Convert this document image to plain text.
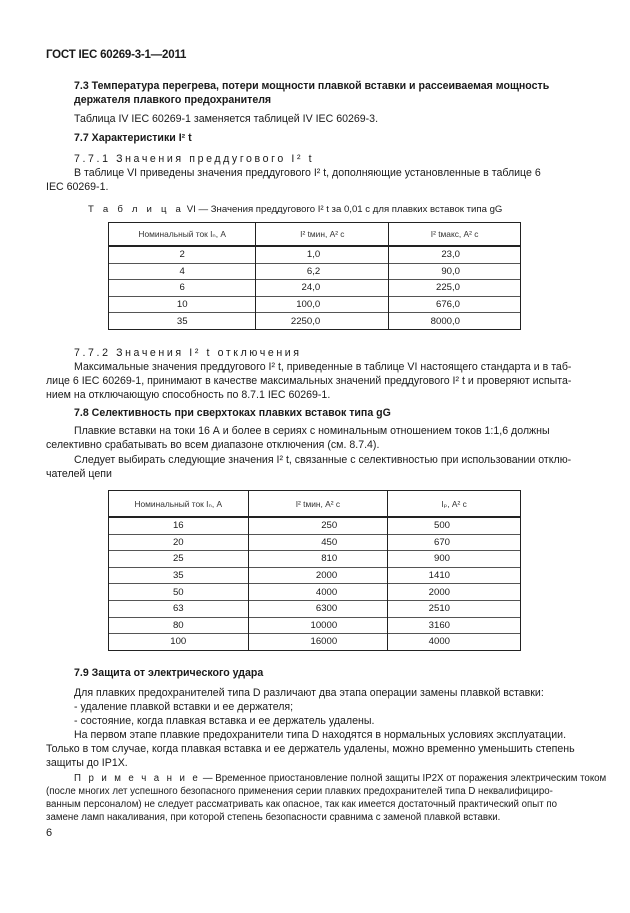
ГОСТ IEC 60269-3-1—2011
7.3 Температура перегрева, потери мощности плавкой вставки и рассеиваемая мощность
держателя плавкого предохранителя
Таблица IV IEC 60269-1 заменяется таблицей IV IEC 60269-3.
7.7 Характеристики I² t
7.7.1 Значения преддугового I² t
В таблице VI приведены значения преддугового I² t, дополняющие установленные в таблице 6
IEC 60269-1.
Т а б л и ц а VI — Значения преддугового I² t за 0,01 с для плавких вставок типа gG
Номинальный ток Iₙ, А	I² tмин, А² с	I² tмакс, А² с
2	1,0	23,0
4	6,2	90,0
6	24,0	225,0
10	100,0	676,0
35	2250,0	8000,0
7.7.2 Значения I² t отключения
Максимальные значения преддугового I² t, приведенные в таблице VI настоящего стандарта и в таб-
лице 6 IEC 60269-1, принимают в качестве максимальных значений преддугового I² t и проверяют испыта-
нием на отключающую способность по 8.7.1 IEC 60269-1.
7.8 Селективность при сверхтоках плавких вставок типа gG
Плавкие вставки на токи 16 А и более в сериях с номинальным отношением токов 1:1,6 должны
селективно срабатывать во всем диапазоне отключения (см. 8.7.4).
Следует выбирать следующие значения I² t, связанные с селективностью при использовании отклю-
чателей цепи
Номинальный ток Iₙ, А	I² tмин, А² с	Iₚ, А² с
16	250	500
20	450	670
25	810	900
35	2000	1410
50	4000	2000
63	6300	2510
80	10000	3160
100	16000	4000
7.9 Защита от электрического удара
Для плавких предохранителей типа D различают два этапа операции замены плавкой вставки:
- удаление плавкой вставки и ее держателя;
- состояние, когда плавкая вставка и ее держатель удалены.
На первом этапе плавкие предохранители типа D находятся в нормальных условиях эксплуатации.
Только в том случае, когда плавкая вставка и ее держатель удалены, можно временно уменьшить степень
защиты до IP1X.
П р и м е ч а н и е — Временное приостановление полной защиты IP2X от поражения электрическим током
(после многих лет успешного безопасного применения серии плавких предохранителей типа D неквалифициро-
ванным персоналом) не следует рассматривать как опасное, так как имеется достаточный практический опыт по
замене ламп накаливания, при которой степень безопасности сравнима с заменой плавкой вставки.
6
